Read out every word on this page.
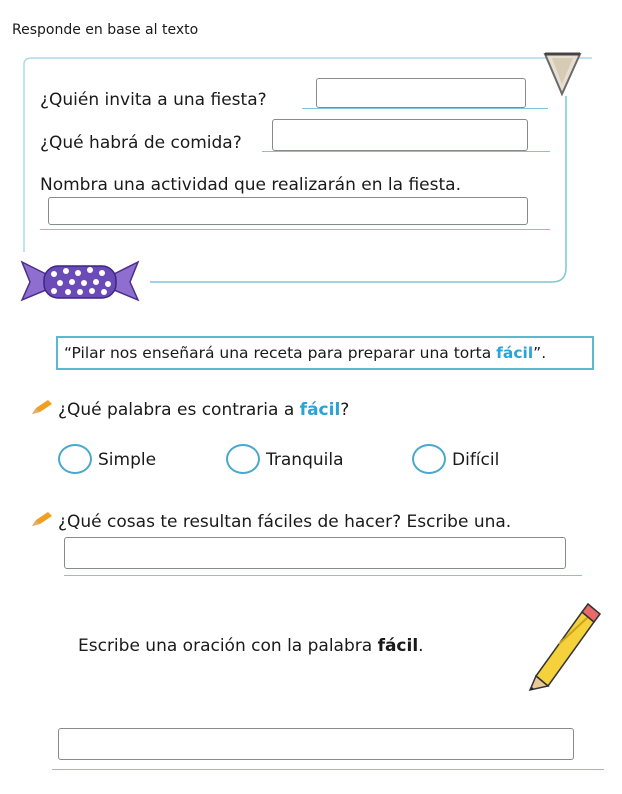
Responde en base al texto
¿Quién invita a una fiesta?
¿Qué habrá de comida?
Nombra una actividad que realizarán en la fiesta.
“Pilar nos enseñará una receta para preparar una torta fácil”.
¿Qué palabra es contraria a fácil?
Simple	Tranquila	Difícil
¿Qué cosas te resultan fáciles de hacer? Escribe una.
Escribe una oración con la palabra fácil.
